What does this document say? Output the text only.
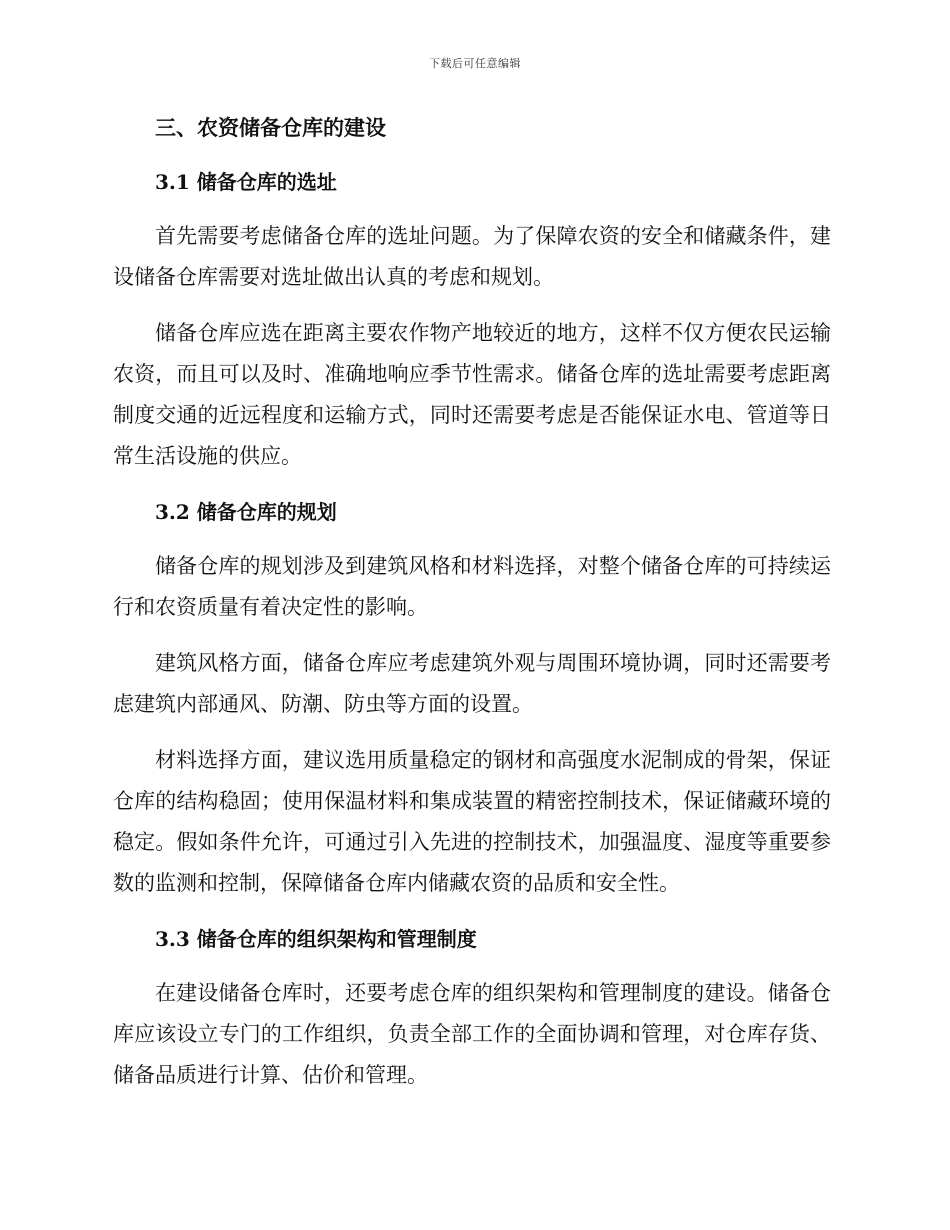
下载后可任意编辑
三、农资储备仓库的建设
3.1 储备仓库的选址

首先需要考虑储备仓库的选址问题。为了保障农资的安全和储藏条件，建设储备仓库需要对选址做出认真的考虑和规划。

储备仓库应选在距离主要农作物产地较近的地方，这样不仅方便农民运输农资，而且可以及时、准确地响应季节性需求。储备仓库的选址需要考虑距离制度交通的近远程度和运输方式，同时还需要考虑是否能保证水电、管道等日常生活设施的供应。

3.2 储备仓库的规划

储备仓库的规划涉及到建筑风格和材料选择，对整个储备仓库的可持续运行和农资质量有着决定性的影响。

建筑风格方面，储备仓库应考虑建筑外观与周围环境协调，同时还需要考虑建筑内部通风、防潮、防虫等方面的设置。

材料选择方面，建议选用质量稳定的钢材和高强度水泥制成的骨架，保证仓库的结构稳固；使用保温材料和集成装置的精密控制技术，保证储藏环境的稳定。假如条件允许，可通过引入先进的控制技术，加强温度、湿度等重要参数的监测和控制，保障储备仓库内储藏农资的品质和安全性。

3.3 储备仓库的组织架构和管理制度

在建设储备仓库时，还要考虑仓库的组织架构和管理制度的建设。储备仓库应该设立专门的工作组织，负责全部工作的全面协调和管理，对仓库存货、储备品质进行计算、估价和管理。
